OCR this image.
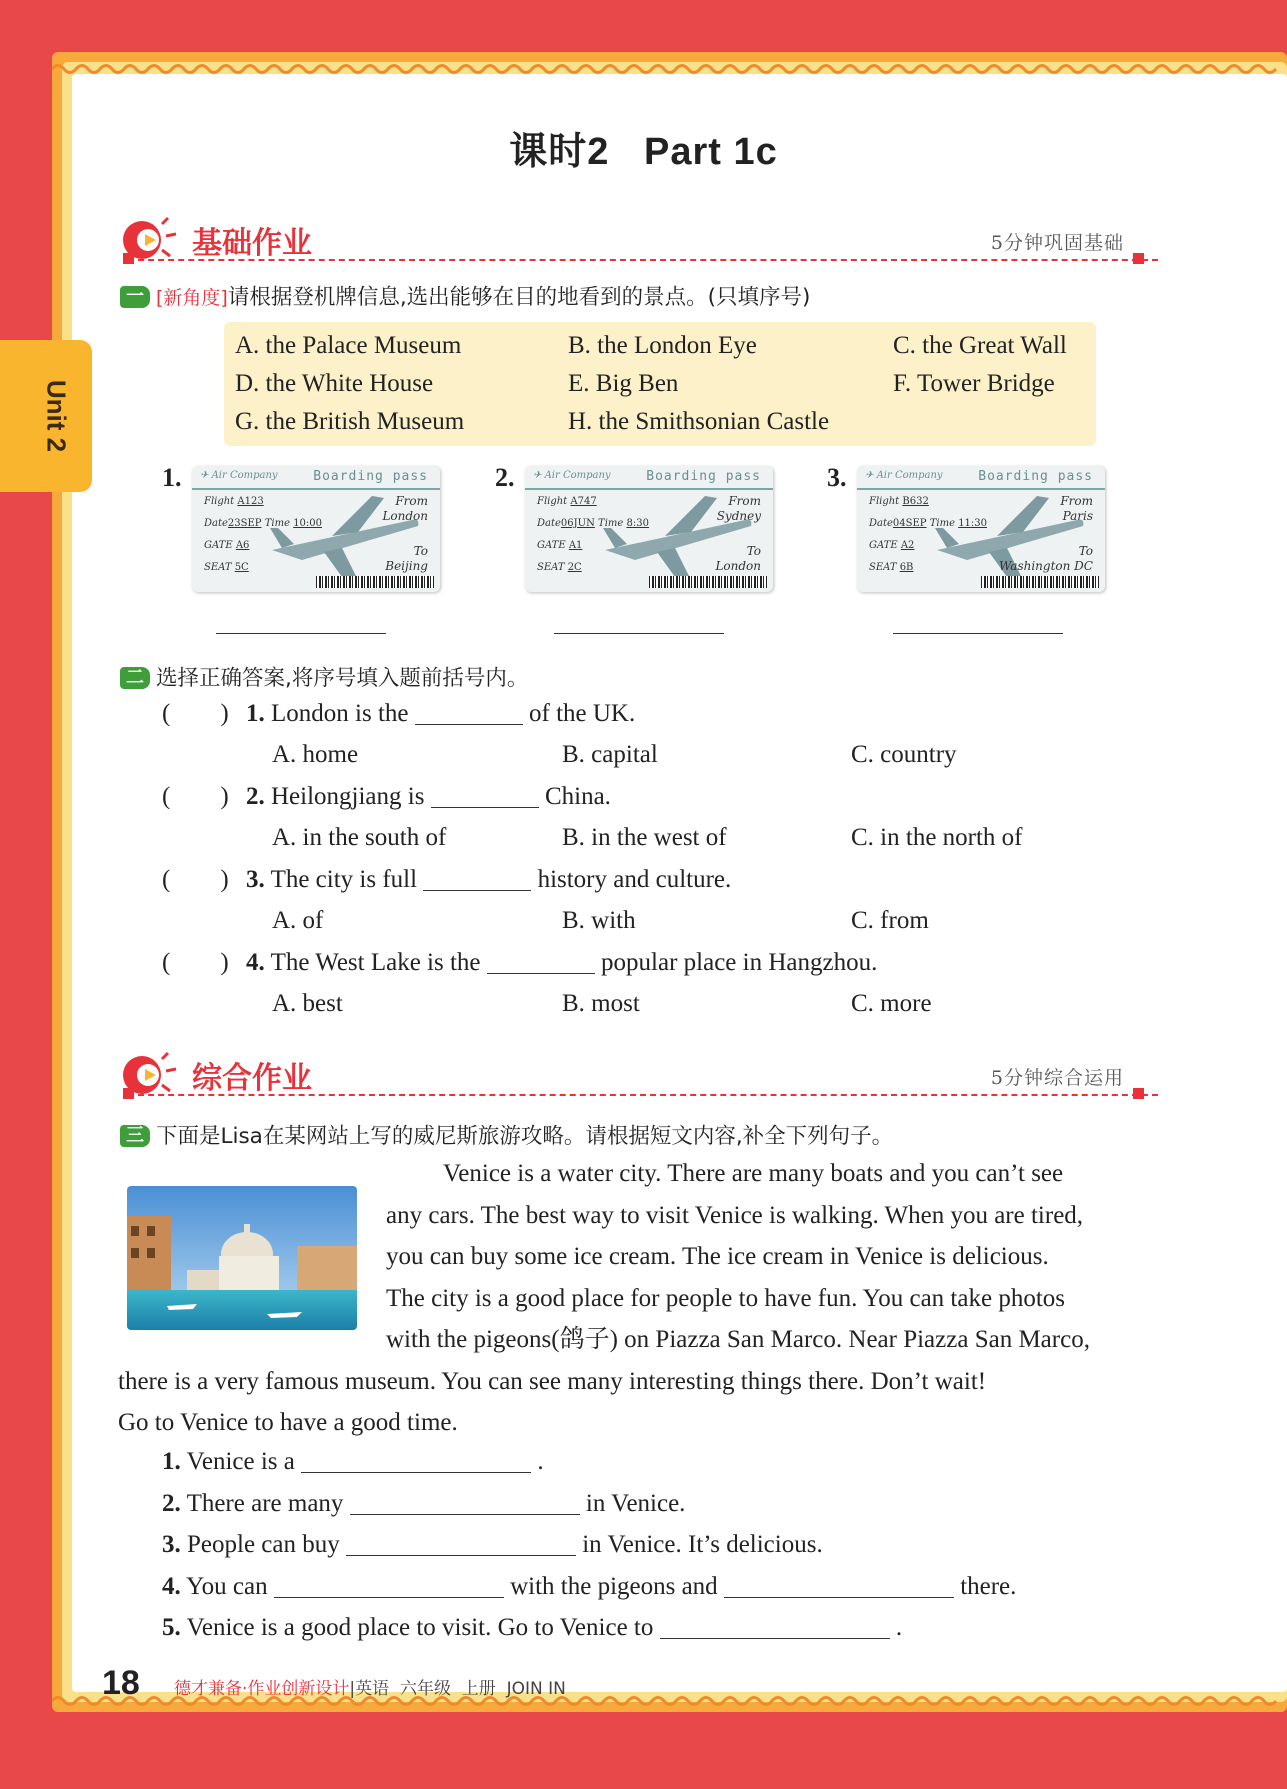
Unit 2
课时2   Part 1c
基础作业	5分钟巩固基础
一 [新角度]请根据登机牌信息,选出能够在目的地看到的景点。(只填序号)
A. the Palace Museum	B. the London Eye	C. the Great Wall
D. the White House	E. Big Ben	F. Tower Bridge
G. the British Museum	H. the Smithsonian Castle
1.	2.	3.
✈ Air Company	Boarding pass
Flight A123
Date23SEP Time 10:00
GATE A6
SEAT 5C
From
London
To
Beijing
✈ Air Company	Boarding pass
Flight A747
Date06JUN Time 8:30
GATE A1
SEAT 2C
From
Sydney
To
London
✈ Air Company	Boarding pass
Flight B632
Date04SEP Time 11:30
GATE A2
SEAT 6B
From
Paris
To
Washington DC
二 选择正确答案,将序号填入题前括号内。
(        ) 1. London is the	of the UK.
A. home	B. capital	C. country
(        ) 2. Heilongjiang is	China.
A. in the south of	B. in the west of	C. in the north of
(        ) 3. The city is full	history and culture.
A. of	B. with	C. from
(        ) 4. The West Lake is the	popular place in Hangzhou.
A. best	B. most	C. more
综合作业	5分钟综合运用
三 下面是Lisa在某网站上写的威尼斯旅游攻略。请根据短文内容,补全下列句子。
Venice is a water city. There are many boats and you can’t see
any cars. The best way to visit Venice is walking. When you are tired,
you can buy some ice cream. The ice cream in Venice is delicious.
The city is a good place for people to have fun. You can take photos
with the pigeons(鸽子) on Piazza San Marco. Near Piazza San Marco,
there is a very famous museum. You can see many interesting things there. Don’t wait!
Go to Venice to have a good time.
1. Venice is a	.
2. There are many	in Venice.
3. People can buy	in Venice. It’s delicious.
4. You can	with the pigeons and	there.
5. Venice is a good place to visit. Go to Venice to	.
18 德才兼备·作业创新设计|英语  六年级  上册  JOIN IN
